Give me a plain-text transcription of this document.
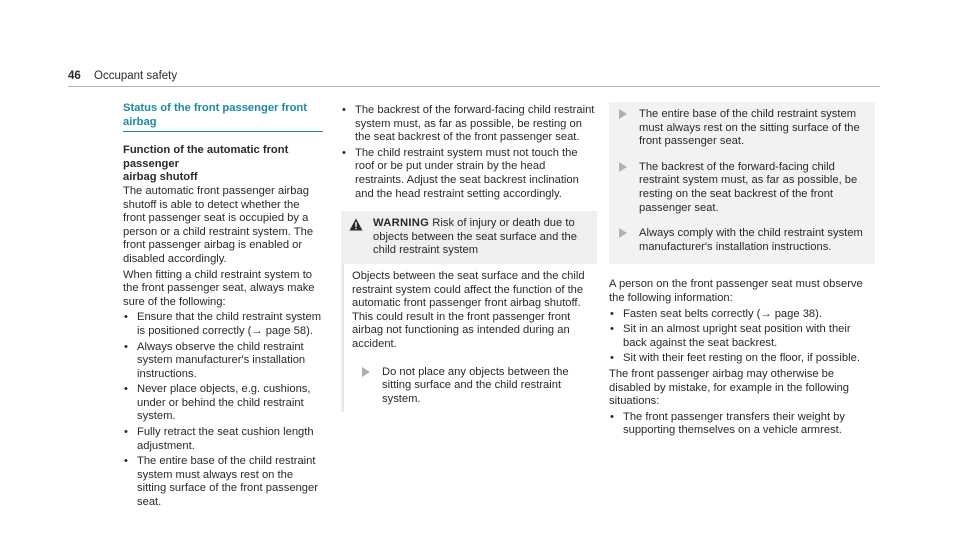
46 Occupant safety
Status of the front passenger front airbag
Function of the automatic front passenger
airbag shutoff

The automatic front passenger airbag shutoff is able to detect whether the front passenger seat is occupied by a person or a child restraint system. The front passenger airbag is enabled or disabled accordingly.

When fitting a child restraint system to the front passenger seat, always make sure of the following:

• Ensure that the child restraint system is positioned correctly (→ page 58).
• Always observe the child restraint system manufacturer's installation instructions.
• Never place objects, e.g. cushions, under or behind the child restraint system.
• Fully retract the seat cushion length adjustment.
• The entire base of the child restraint system must always rest on the sitting surface of the front passenger seat.
• The backrest of the forward-facing child restraint system must, as far as possible, be resting on the seat backrest of the front passenger seat.
• The child restraint system must not touch the roof or be put under strain by the head restraints. Adjust the seat backrest inclination and the head restraint setting accordingly.
WARNING Risk of injury or death due to objects between the seat surface and the child restraint system

Objects between the seat surface and the child restraint system could affect the function of the automatic front passenger front airbag shutoff.

This could result in the front passenger front airbag not functioning as intended during an accident.

Do not place any objects between the sitting surface and the child restraint system.
The entire base of the child restraint system must always rest on the sitting surface of the front passenger seat.
The backrest of the forward-facing child restraint system must, as far as possible, be resting on the seat backrest of the front passenger seat.
Always comply with the child restraint system manufacturer's installation instructions.

A person on the front passenger seat must observe the following information:

• Fasten seat belts correctly (→ page 38).
• Sit in an almost upright seat position with their back against the seat backrest.
• Sit with their feet resting on the floor, if possible.

The front passenger airbag may otherwise be disabled by mistake, for example in the following situations:

• The front passenger transfers their weight by supporting themselves on a vehicle armrest.
